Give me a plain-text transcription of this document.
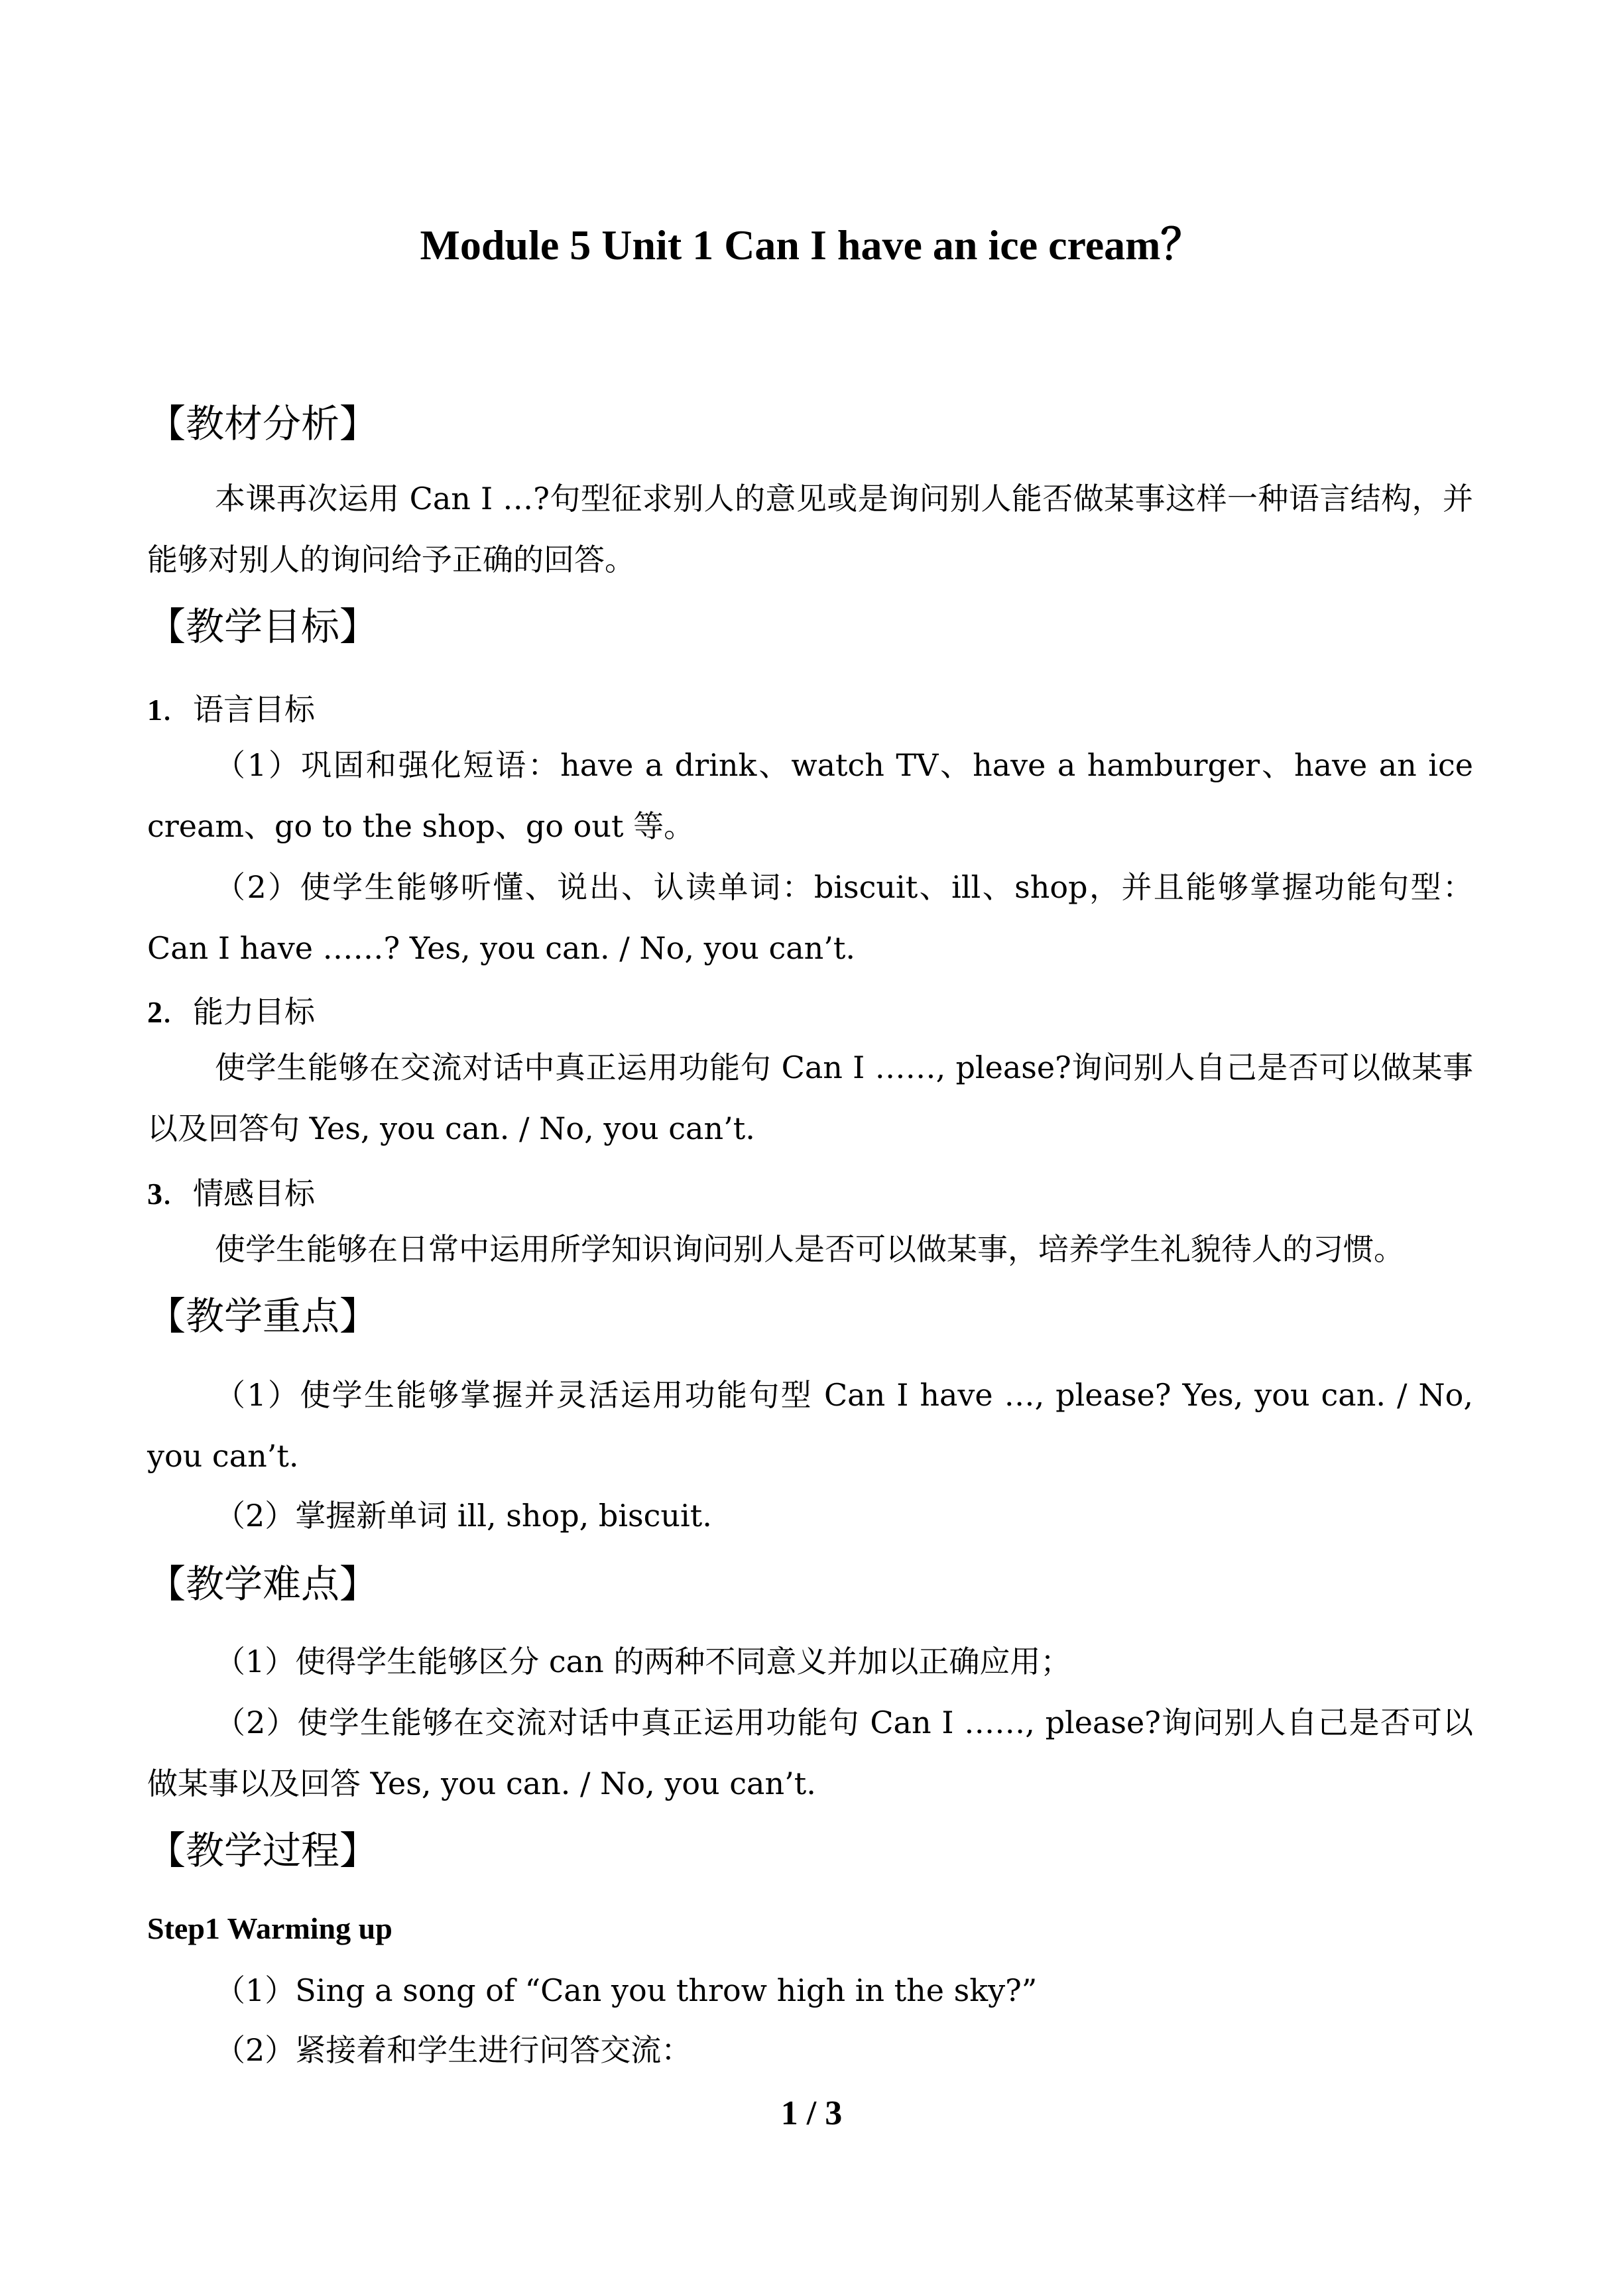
Module 5 Unit 1 Can I have an ice cream？
【教材分析】
本课再次运用 Can I …?句型征求别人的意见或是询问别人能否做某事这样一种语言结构，并能够对别人的询问给予正确的回答。
【教学目标】
1．语言目标
（1）巩固和强化短语：have a drink、watch TV、have a hamburger、have an ice cream、go to the shop、go out 等。
（2）使学生能够听懂、说出、认读单词：biscuit、ill、shop，并且能够掌握功能句型：Can I have ……? Yes, you can. / No, you can’t.
2．能力目标
使学生能够在交流对话中真正运用功能句 Can I ……, please?询问别人自己是否可以做某事以及回答句 Yes, you can. / No, you can’t.
3．情感目标
使学生能够在日常中运用所学知识询问别人是否可以做某事，培养学生礼貌待人的习惯。
【教学重点】
（1）使学生能够掌握并灵活运用功能句型 Can I have …, please? Yes, you can. / No, you can’t.
（2）掌握新单词 ill, shop, biscuit.
【教学难点】
（1）使得学生能够区分 can 的两种不同意义并加以正确应用；
（2）使学生能够在交流对话中真正运用功能句 Can I ……, please?询问别人自己是否可以做某事以及回答 Yes, you can. / No, you can’t.
【教学过程】
Step1 Warming up
（1）Sing a song of “Can you throw high in the sky?”
（2）紧接着和学生进行问答交流：
1 / 3
